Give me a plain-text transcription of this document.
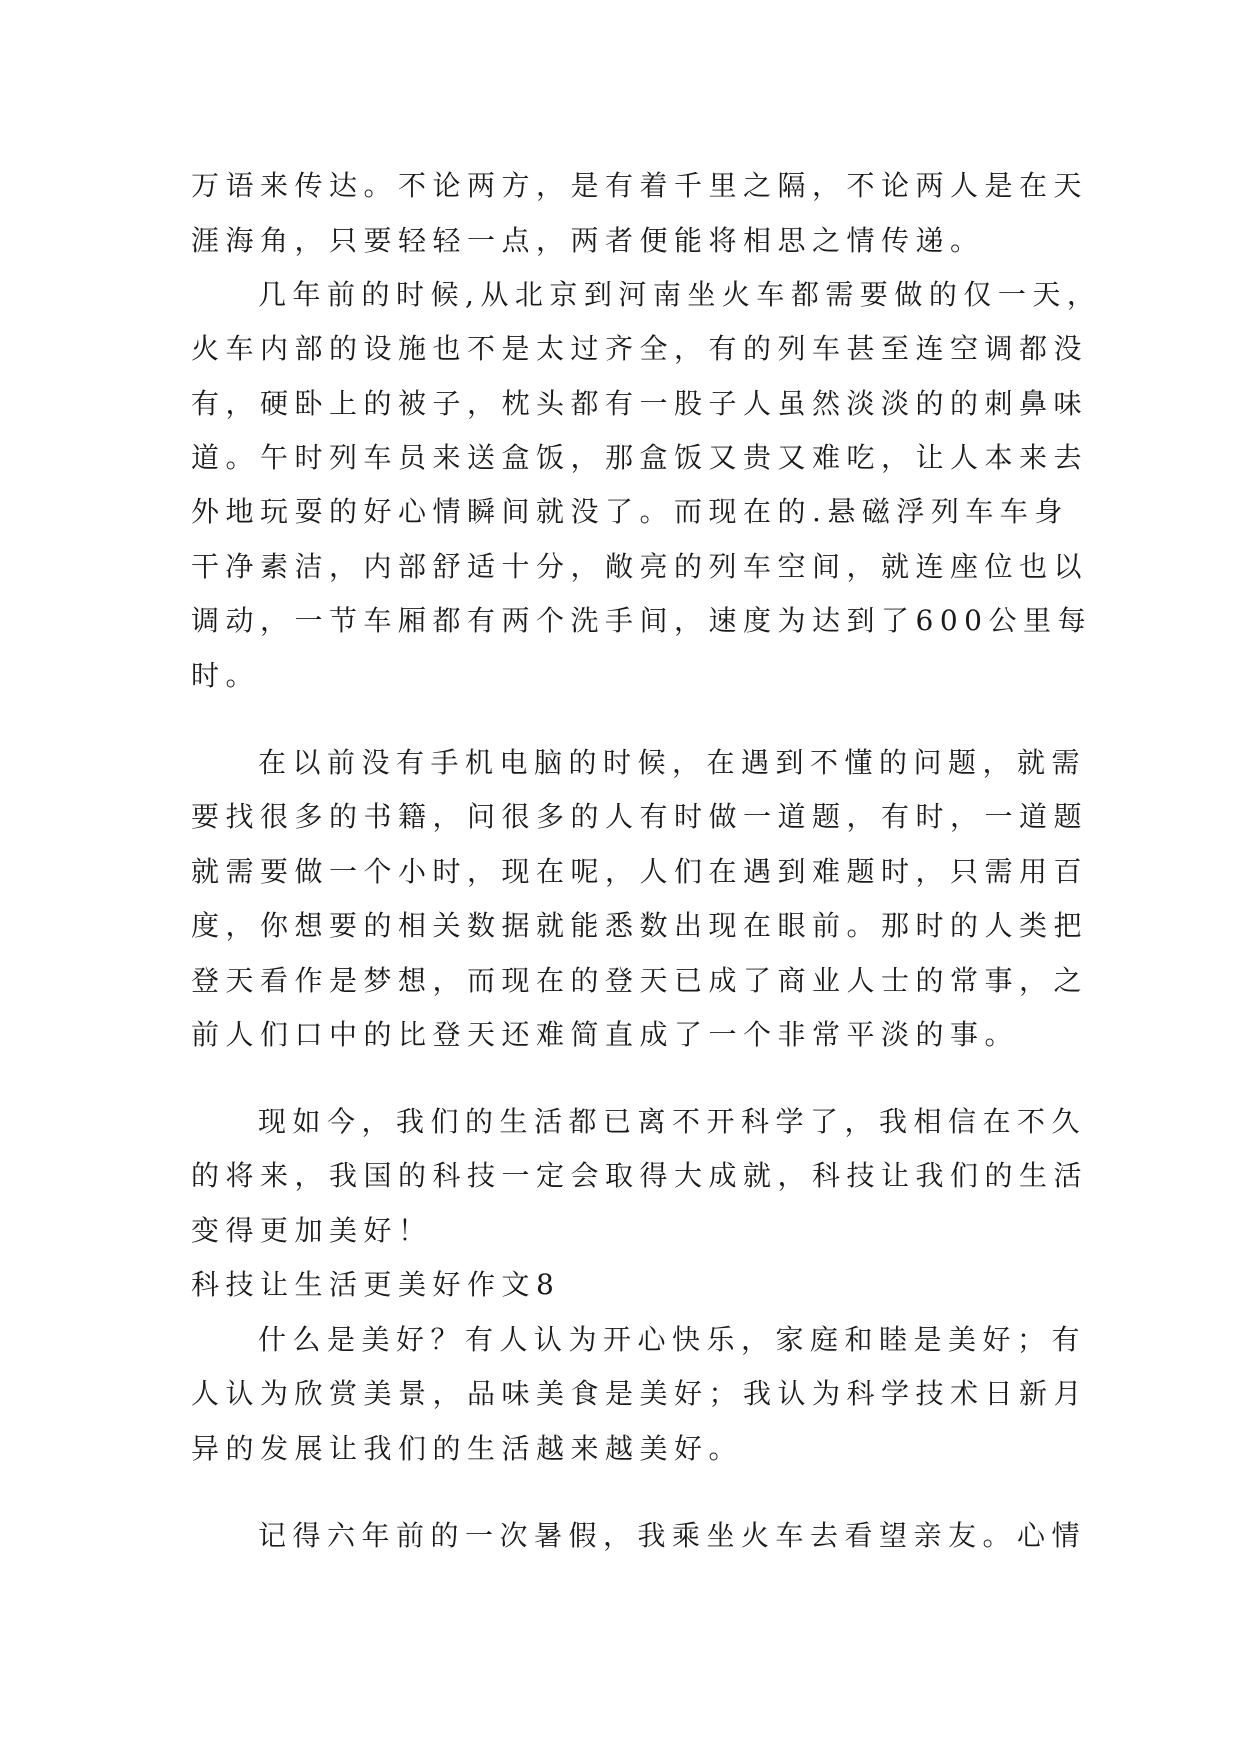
万语来传达。不论两方，是有着千里之隔，不论两人是在天
涯海角，只要轻轻一点，两者便能将相思之情传递。
几年前的时候,从北京到河南坐火车都需要做的仅一天，
火车内部的设施也不是太过齐全，有的列车甚至连空调都没
有，硬卧上的被子，枕头都有一股子人虽然淡淡的的刺鼻味
道。午时列车员来送盒饭，那盒饭又贵又难吃，让人本来去
外地玩耍的好心情瞬间就没了。而现在的.悬磁浮列车车身
干净素洁，内部舒适十分，敞亮的列车空间，就连座位也以
调动，一节车厢都有两个洗手间，速度为达到了600公里每
时。
在以前没有手机电脑的时候，在遇到不懂的问题，就需
要找很多的书籍，问很多的人有时做一道题，有时，一道题
就需要做一个小时，现在呢，人们在遇到难题时，只需用百
度，你想要的相关数据就能悉数出现在眼前。那时的人类把
登天看作是梦想，而现在的登天已成了商业人士的常事，之
前人们口中的比登天还难简直成了一个非常平淡的事。
现如今，我们的生活都已离不开科学了，我相信在不久
的将来，我国的科技一定会取得大成就，科技让我们的生活
变得更加美好！
科技让生活更美好作文8
什么是美好？有人认为开心快乐，家庭和睦是美好；有
人认为欣赏美景，品味美食是美好；我认为科学技术日新月
异的发展让我们的生活越来越美好。
记得六年前的一次暑假，我乘坐火车去看望亲友。心情
